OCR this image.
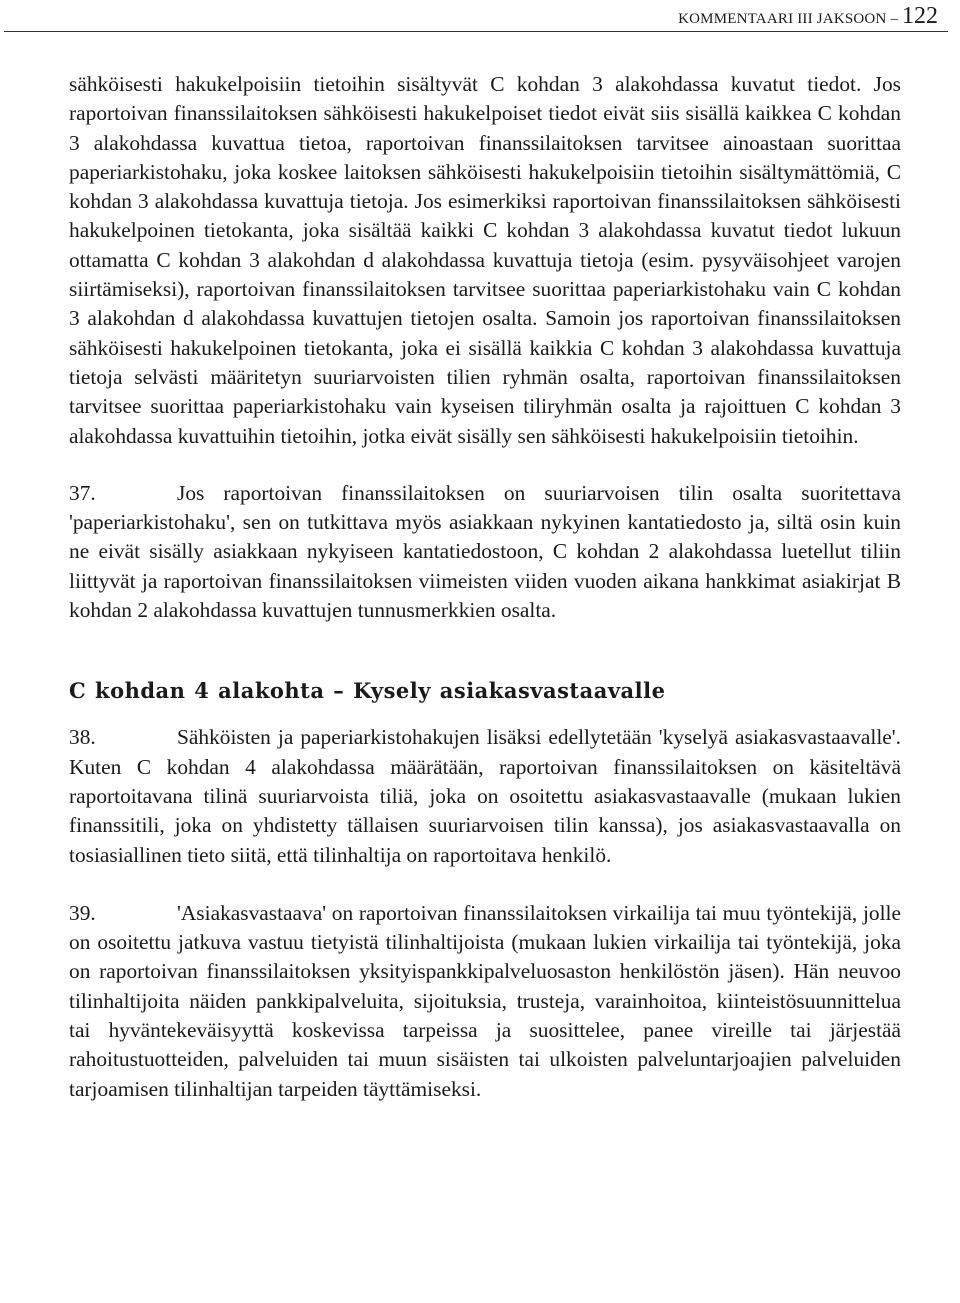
KOMMENTAARI III JAKSOON – 122

sähköisesti hakukelpoisiin tietoihin sisältyvät C kohdan 3 alakohdassa kuvatut tiedot. Jos raportoivan finanssilaitoksen sähköisesti hakukelpoiset tiedot eivät siis sisällä kaikkea C kohdan 3 alakohdassa kuvattua tietoa, raportoivan finanssilaitoksen tarvitsee ainoastaan suorittaa paperiarkistohaku, joka koskee laitoksen sähköisesti hakukelpoisiin tietoihin sisältymättömiä, C kohdan 3 alakohdassa kuvattuja tietoja. Jos esimerkiksi raportoivan finanssilaitoksen sähköisesti hakukelpoinen tietokanta, joka sisältää kaikki C kohdan 3 alakohdassa kuvatut tiedot lukuun ottamatta C kohdan 3 alakohdan d alakohdassa kuvattuja tietoja (esim. pysyväisohjeet varojen siirtämiseksi), raportoivan finanssilaitoksen tarvitsee suorittaa paperiarkistohaku vain C kohdan 3 alakohdan d alakohdassa kuvattujen tietojen osalta. Samoin jos raportoivan finanssilaitoksen sähköisesti hakukelpoinen tietokanta, joka ei sisällä kaikkia C kohdan 3 alakohdassa kuvattuja tietoja selvästi määritetyn suuriarvoisten tilien ryhmän osalta, raportoivan finanssilaitoksen tarvitsee suorittaa paperiarkistohaku vain kyseisen tiliryhmän osalta ja rajoittuen C kohdan 3 alakohdassa kuvattuihin tietoihin, jotka eivät sisälly sen sähköisesti hakukelpoisiin tietoihin.

37.	Jos raportoivan finanssilaitoksen on suuriarvoisen tilin osalta suoritettava 'paperiarkistohaku', sen on tutkittava myös asiakkaan nykyinen kantatiedosto ja, siltä osin kuin ne eivät sisälly asiakkaan nykyiseen kantatiedostoon, C kohdan 2 alakohdassa luetellut tiliin liittyvät ja raportoivan finanssilaitoksen viimeisten viiden vuoden aikana hankkimat asiakirjat B kohdan 2 alakohdassa kuvattujen tunnusmerkkien osalta.

C kohdan 4 alakohta – Kysely asiakasvastaavalle

38.	Sähköisten ja paperiarkistohakujen lisäksi edellytetään 'kyselyä asiakasvastaavalle'. Kuten C kohdan 4 alakohdassa määrätään, raportoivan finanssilaitoksen on käsiteltävä raportoitavana tilinä suuriarvoista tiliä, joka on osoitettu asiakasvastaavalle (mukaan lukien finanssitili, joka on yhdistetty tällaisen suuriarvoisen tilin kanssa), jos asiakasvastaavalla on tosiasiallinen tieto siitä, että tilinhaltija on raportoitava henkilö.

39.	'Asiakasvastaava' on raportoivan finanssilaitoksen virkailija tai muu työntekijä, jolle on osoitettu jatkuva vastuu tietyistä tilinhaltijoista (mukaan lukien virkailija tai työntekijä, joka on raportoivan finanssilaitoksen yksityispankkipalveluosaston henkilöstön jäsen). Hän neuvoo tilinhaltijoita näiden pankkipalveluita, sijoituksia, trusteja, varainhoitoa, kiinteistösuunnittelua tai hyväntekeväisyyttä koskevissa tarpeissa ja suosittelee, panee vireille tai järjestää rahoitustuotteiden, palveluiden tai muun sisäisten tai ulkoisten palveluntarjoajien palveluiden tarjoamisen tilinhaltijan tarpeiden täyttämiseksi.
